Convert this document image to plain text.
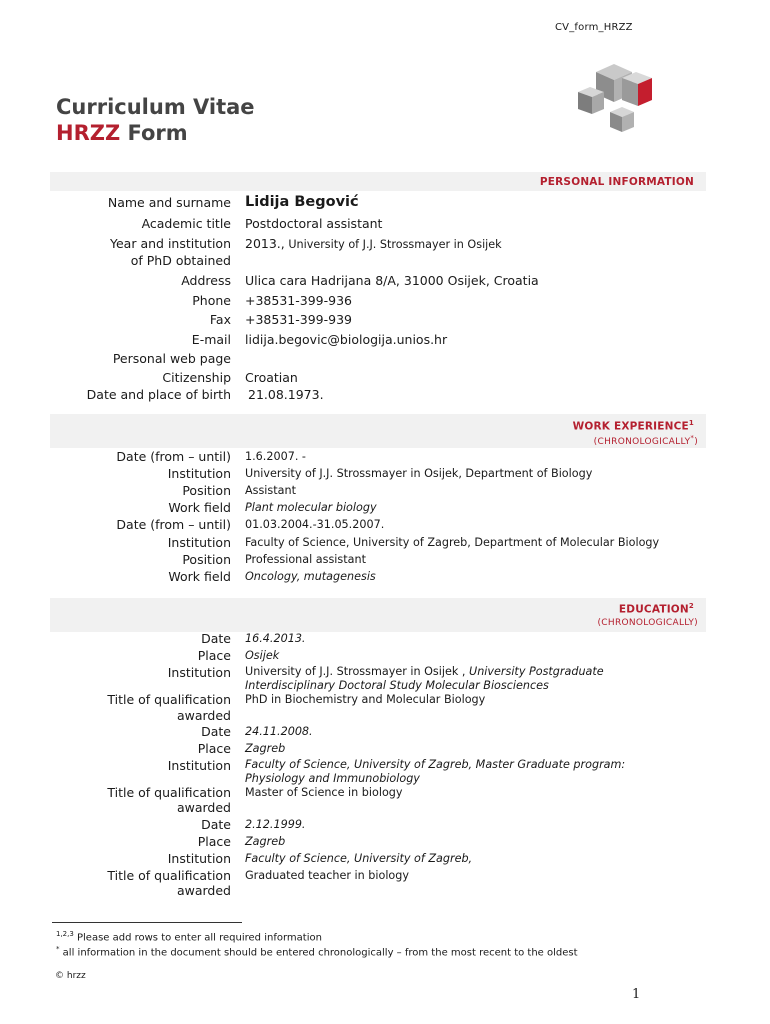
CV_form_HRZZ
Curriculum Vitae
HRZZ Form
PERSONAL INFORMATION
Name and surname Lidija Begović
Academic title Postdoctoral assistant
Year and institution
of PhD obtained
2013., University of J.J. Strossmayer in Osijek
Address Ulica cara Hadrijana 8/A, 31000 Osijek, Croatia
Phone +38531-399-936
Fax +38531-399-939
E-mail lidija.begovic@biologija.unios.hr
Personal web page
Citizenship Croatian
Date and place of birth 21.08.1973.
WORK EXPERIENCE$^1$
(CHRONOLOGICALLY*)
Date (from – until) 1.6.2007. -
Institution University of J.J. Strossmayer in Osijek, Department of Biology
Position Assistant
Work field Plant molecular biology
Date (from – until) 01.03.2004.-31.05.2007.
Institution Faculty of Science, University of Zagreb, Department of Molecular Biology
Position Professional assistant
Work field Oncology, mutagenesis
EDUCATION$^2$
(CHRONOLOGICALLY)
Date 16.4.2013.
Place Osijek
Institution University of J.J. Strossmayer in Osijek , University Postgraduate
Interdisciplinary Doctoral Study Molecular Biosciences
Title of qualification
awarded
PhD in Biochemistry and Molecular Biology
Date 24.11.2008.
Place Zagreb
Institution Faculty of Science, University of Zagreb, Master Graduate program:
Physiology and Immunobiology
Title of qualification
awarded
Master of Science in biology
Date 2.12.1999.
Place Zagreb
Institution Faculty of Science, University of Zagreb,
Title of qualification
awarded
Graduated teacher in biology
$^{1,2,3}$ Please add rows to enter all required information
* all information in the document should be entered chronologically – from the most recent to the oldest
© hrzz
1
